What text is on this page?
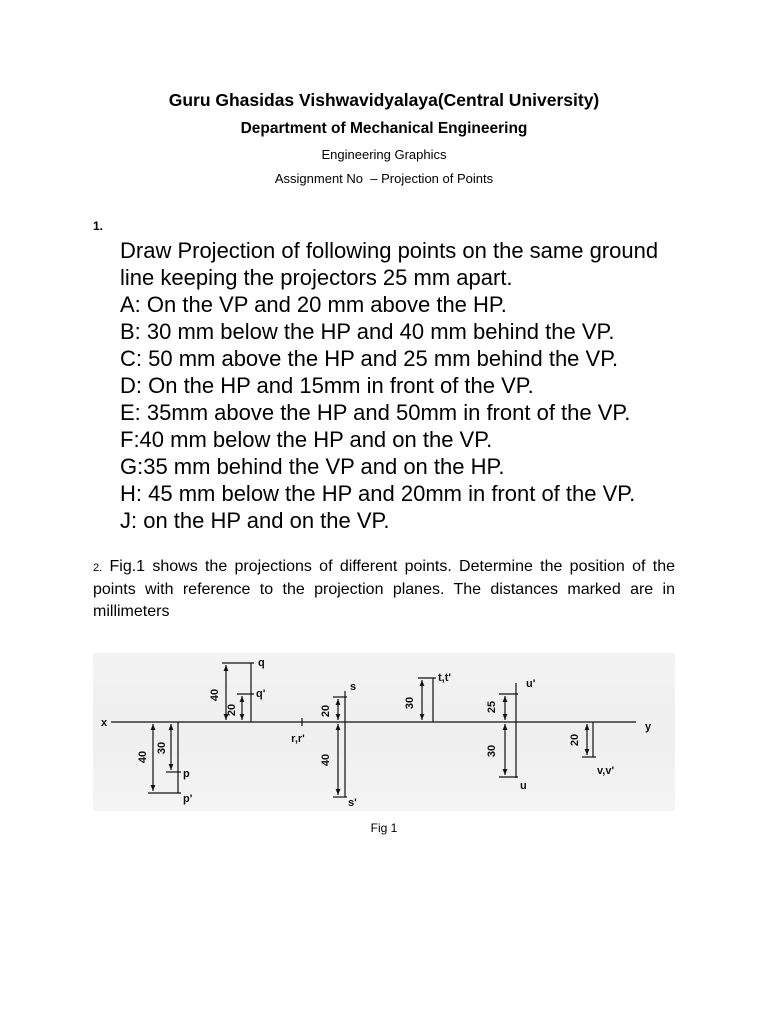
Guru Ghasidas Vishwavidyalaya(Central University)
Department of Mechanical Engineering
Engineering Graphics
Assignment No  – Projection of Points
1.
Draw Projection of following points on the same ground
line keeping the projectors 25 mm apart.
A: On the VP and 20 mm above the HP.
B: 30 mm below the HP and 40 mm behind the VP.
C: 50 mm above the HP and 25 mm behind the VP.
D: On the HP and 15mm in front of the VP.
E: 35mm above the HP and 50mm in front of the VP.
F:40 mm below the HP and on the VP.
G:35 mm behind the VP and on the HP.
H: 45 mm below the HP and 20mm in front of the VP.
J: on the HP and on the VP.
2. Fig.1 shows the projections of different points. Determine the position of the
points with reference to the projection planes. The distances marked are in
millimeters
x	y
40
30
p
p'
40
20
q
q'
r,r'
20
40
s
s'
30
t,t'
25
30
u'
u
20
v,v'
Fig 1
